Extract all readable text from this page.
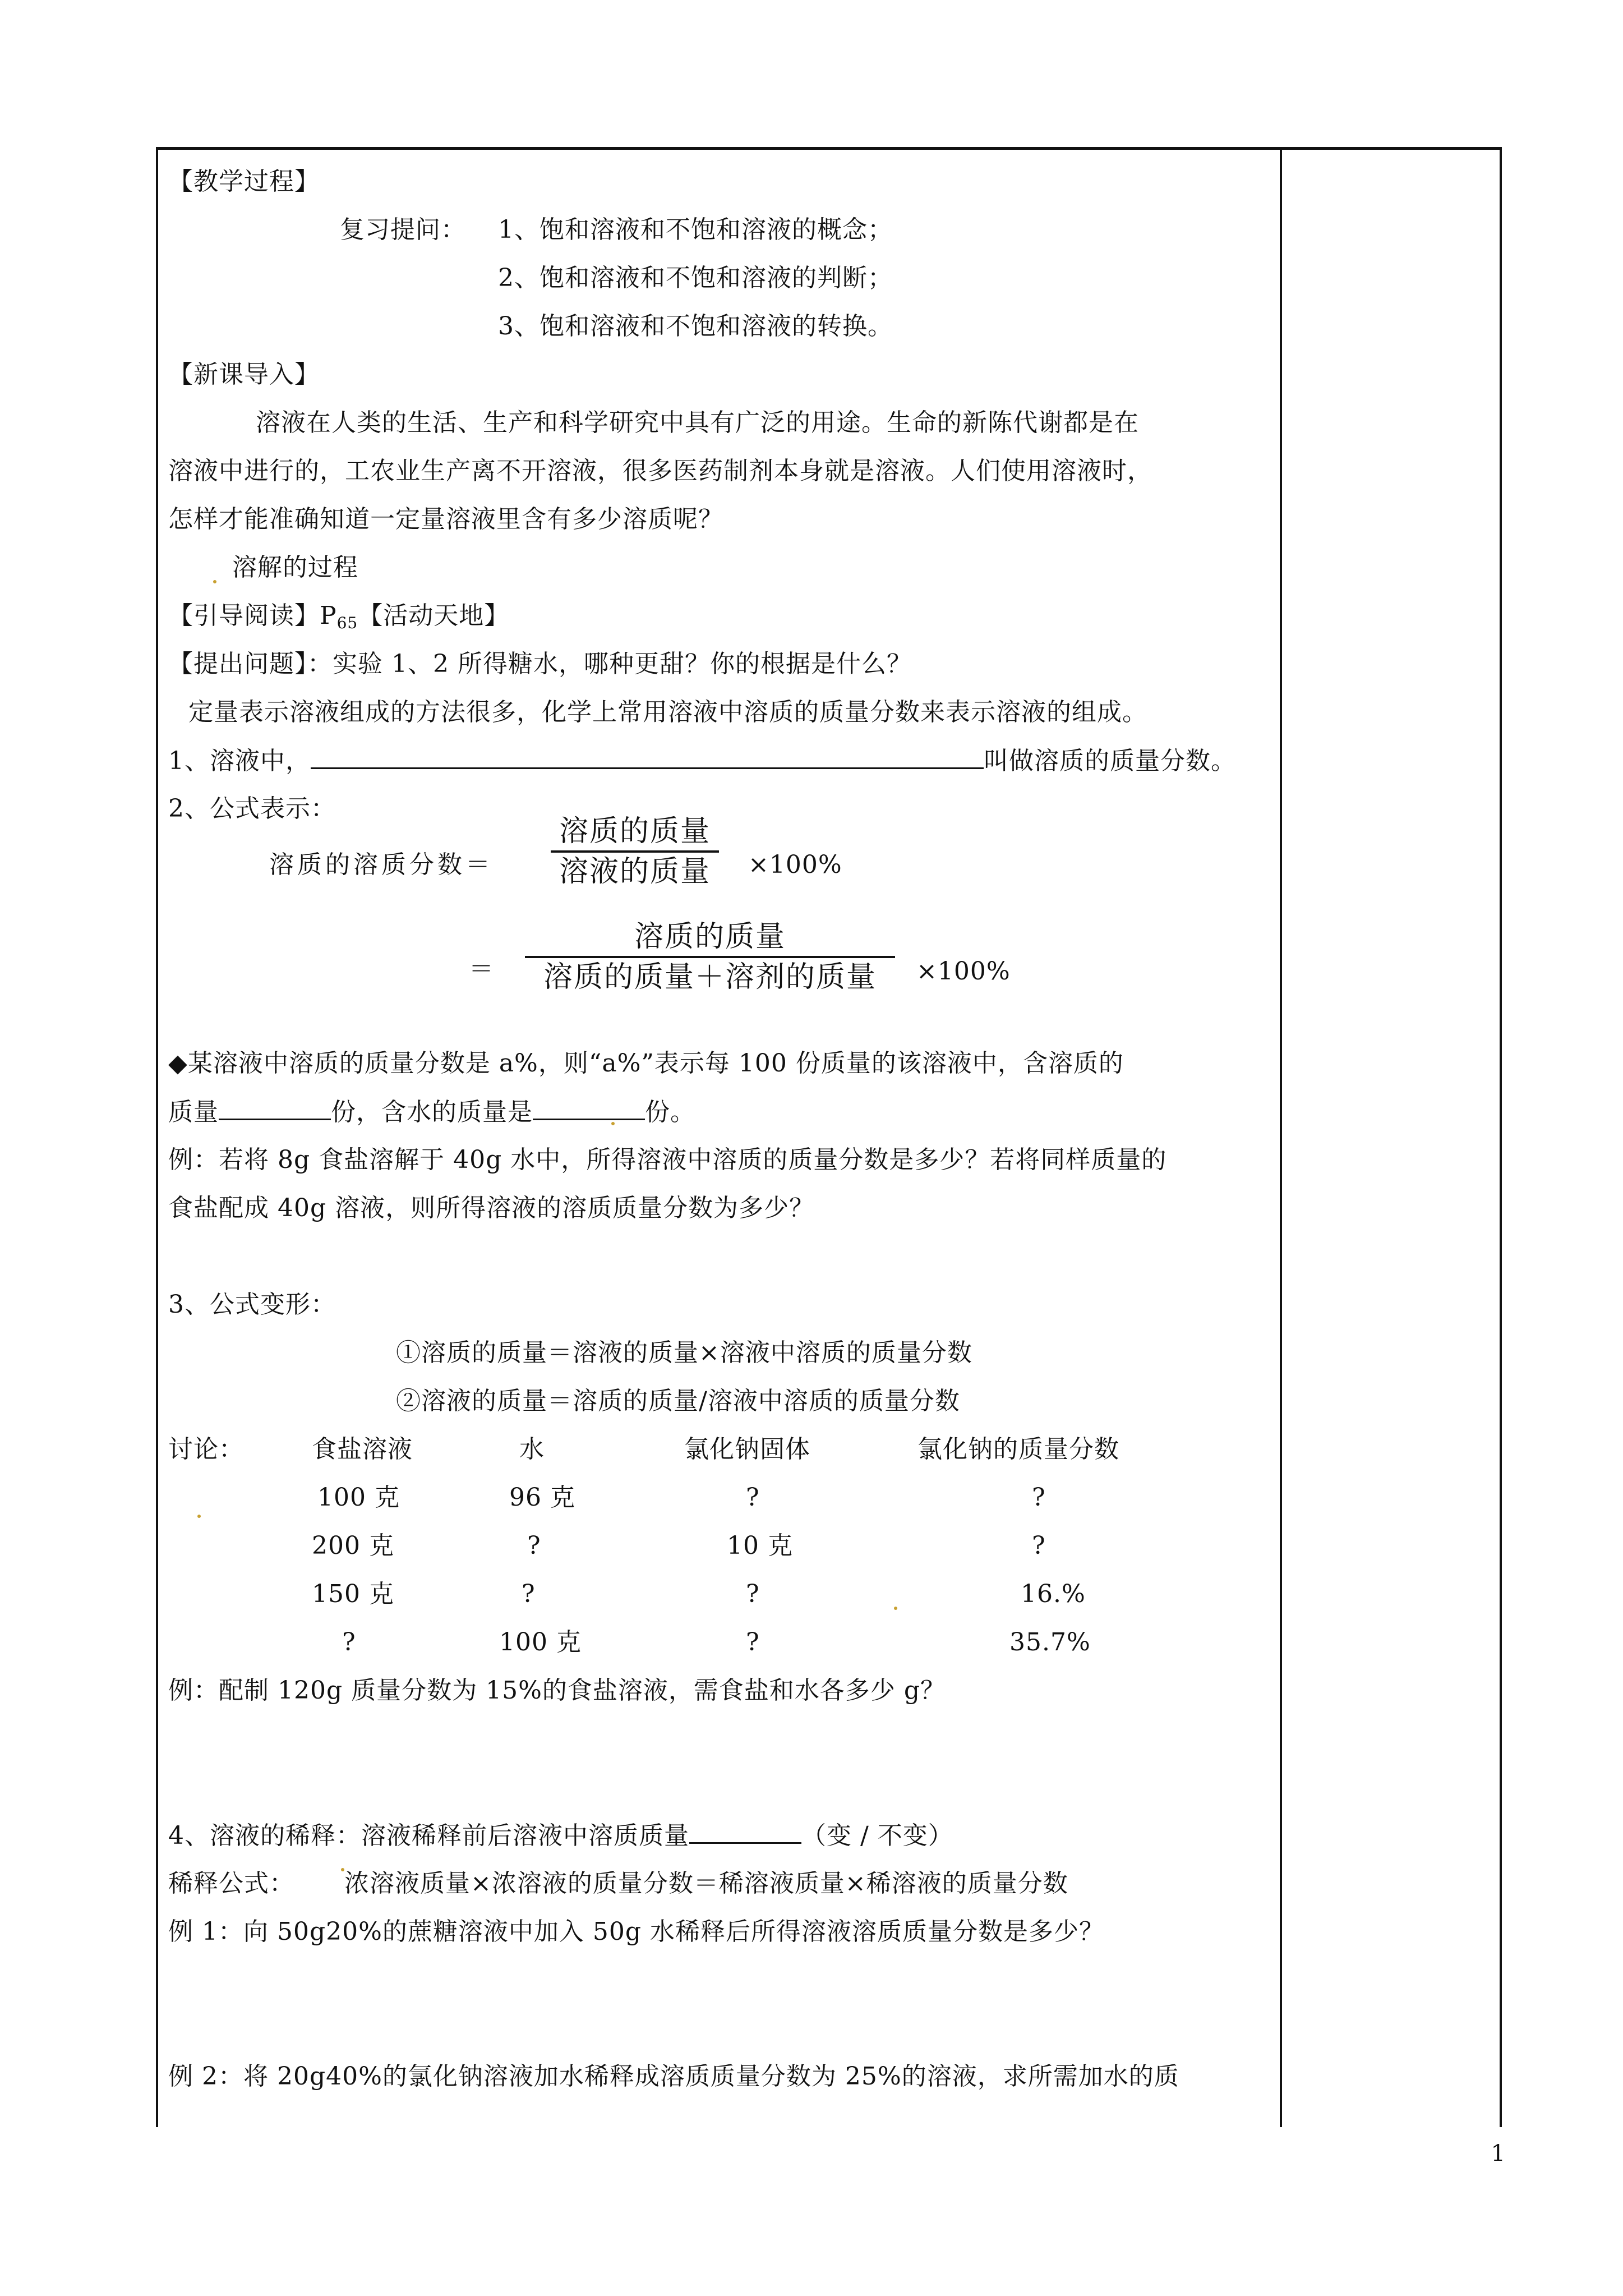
【教学过程】
复习提问： 1、饱和溶液和不饱和溶液的概念；
2、饱和溶液和不饱和溶液的判断；
3、饱和溶液和不饱和溶液的转换。
【新课导入】
溶液在人类的生活、生产和科学研究中具有广泛的用途。生命的新陈代谢都是在
溶液中进行的，工农业生产离不开溶液，很多医药制剂本身就是溶液。人们使用溶液时，
怎样才能准确知道一定量溶液里含有多少溶质呢？
溶解的过程
【引导阅读】$P_{65}$【活动天地】
【提出问题】：实验 1、2 所得糖水，哪种更甜？你的根据是什么？
定量表示溶液组成的方法很多，化学上常用溶液中溶质的质量分数来表示溶液的组成。
1、溶液中，	叫做溶质的质量分数。
2、公式表示：
溶质的溶质分数＝
溶质的质量
溶液的质量	×100%
＝
溶质的质量
溶质的质量＋溶剂的质量	×100%
◆某溶液中溶质的质量分数是 a%，则“a%”表示每 100 份质量的该溶液中，含溶质的
质量	份，含水的质量是	份。
例：若将 8g 食盐溶解于 40g 水中，所得溶液中溶质的质量分数是多少？若将同样质量的
食盐配成 40g 溶液，则所得溶液的溶质质量分数为多少？
3、公式变形：
①溶质的质量＝溶液的质量×溶液中溶质的质量分数
②溶液的质量＝溶质的质量/溶液中溶质的质量分数
讨论：	食盐溶液	水	氯化钠固体	氯化钠的质量分数
100 克	96 克	?	?
200 克	?	10 克	?
150 克	?	?	16.%
?	100 克	?	35.7%
例：配制 120g 质量分数为 15%的食盐溶液，需食盐和水各多少 g？
4、溶液的稀释：溶液稀释前后溶液中溶质质量	（变 / 不变）
稀释公式： 浓溶液质量×浓溶液的质量分数＝稀溶液质量×稀溶液的质量分数
例 1：向 50g20%的蔗糖溶液中加入 50g 水稀释后所得溶液溶质质量分数是多少？
例 2：将 20g40%的氯化钠溶液加水稀释成溶质质量分数为 25%的溶液，求所需加水的质
1
